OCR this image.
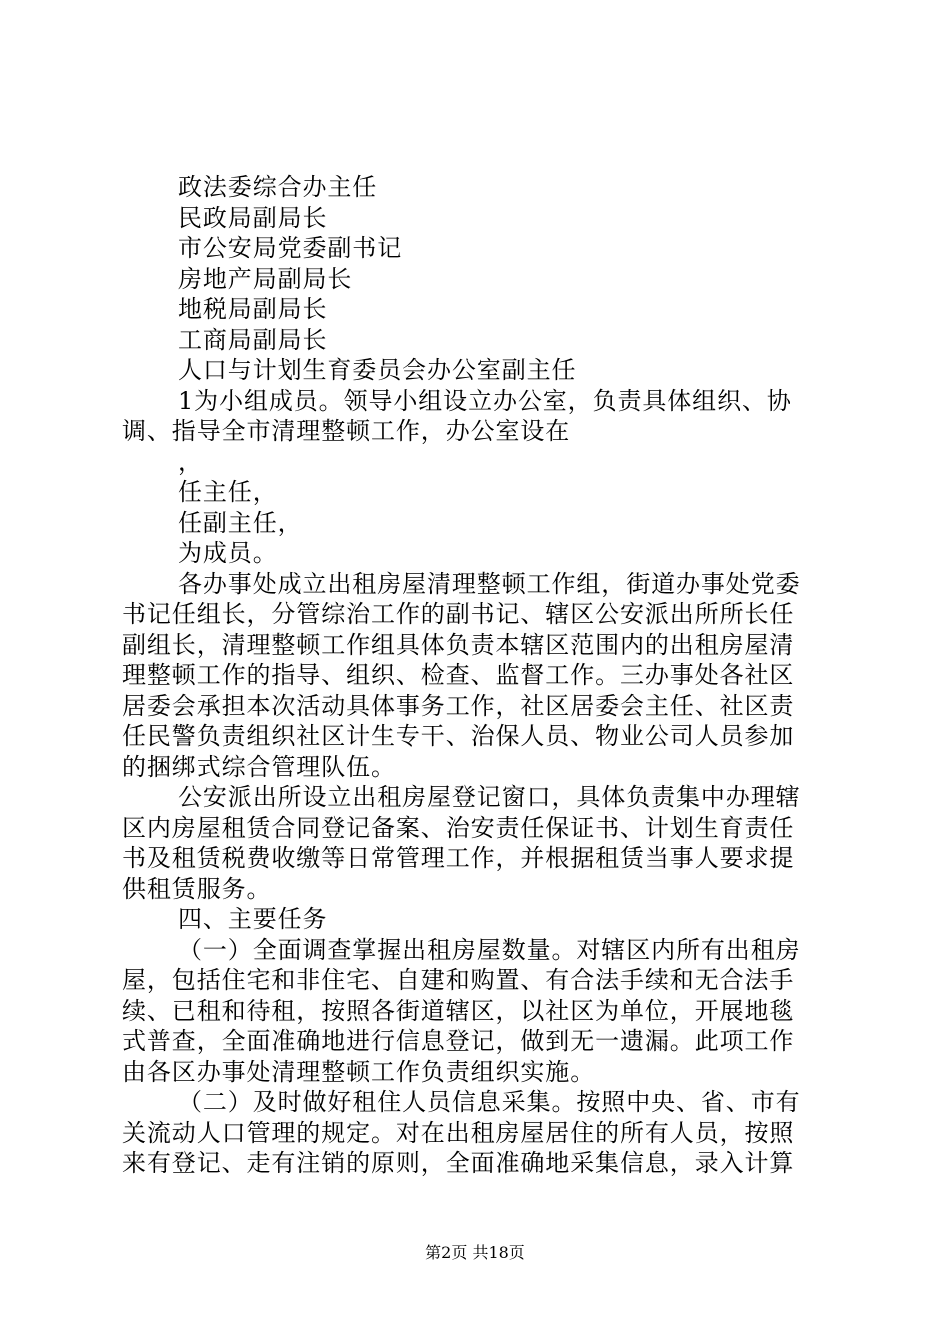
政法委综合办主任
民政局副局长
市公安局党委副书记
房地产局副局长
地税局副局长
工商局副局长
人口与计划生育委员会办公室副主任
1为小组成员。领导小组设立办公室，负责具体组织、协
调、指导全市清理整顿工作，办公室设在
，
任主任，
任副主任，
为成员。
各办事处成立出租房屋清理整顿工作组，街道办事处党委
书记任组长，分管综治工作的副书记、辖区公安派出所所长任
副组长，清理整顿工作组具体负责本辖区范围内的出租房屋清
理整顿工作的指导、组织、检查、监督工作。三办事处各社区
居委会承担本次活动具体事务工作，社区居委会主任、社区责
任民警负责组织社区计生专干、治保人员、物业公司人员参加
的捆绑式综合管理队伍。
公安派出所设立出租房屋登记窗口，具体负责集中办理辖
区内房屋租赁合同登记备案、治安责任保证书、计划生育责任
书及租赁税费收缴等日常管理工作，并根据租赁当事人要求提
供租赁服务。
四、主要任务
（一）全面调查掌握出租房屋数量。对辖区内所有出租房
屋，包括住宅和非住宅、自建和购置、有合法手续和无合法手
续、已租和待租，按照各街道辖区，以社区为单位，开展地毯
式普查，全面准确地进行信息登记，做到无一遗漏。此项工作
由各区办事处清理整顿工作负责组织实施。
（二）及时做好租住人员信息采集。按照中央、省、市有
关流动人口管理的规定。对在出租房屋居住的所有人员，按照
来有登记、走有注销的原则，全面准确地采集信息，录入计算
第2页 共18页
